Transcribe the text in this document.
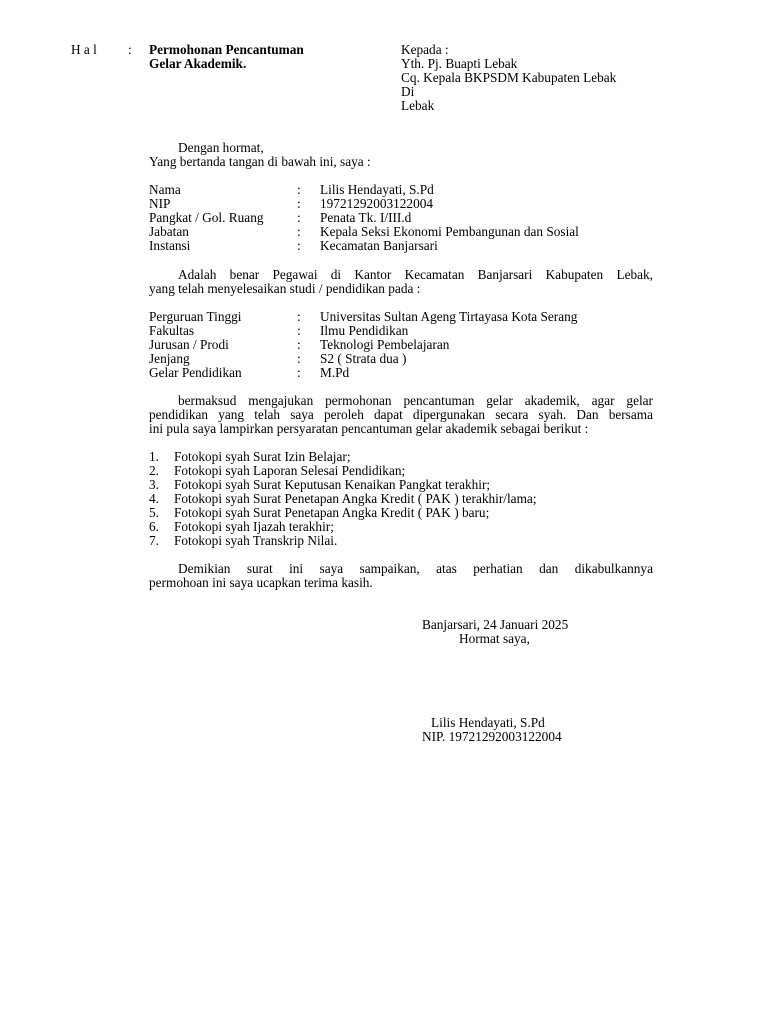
H a l : Permohonan Pencantuman
Gelar Akademik.
Kepada :
Yth. Pj. Buapti Lebak
Cq. Kepala BKPSDM Kabupaten Lebak
Di
Lebak
Dengan hormat,
Yang bertanda tangan di bawah ini, saya :
Nama	: Lilis Hendayati, S.Pd
NIP	: 19721292003122004
Pangkat / Gol. Ruang	: Penata Tk. I/III.d
Jabatan	: Kepala Seksi Ekonomi Pembangunan dan Sosial
Instansi	: Kecamatan Banjarsari
Adalah benar Pegawai di Kantor Kecamatan Banjarsari Kabupaten Lebak,
yang telah menyelesaikan studi / pendidikan pada :
Perguruan Tinggi	: Universitas Sultan Ageng Tirtayasa Kota Serang
Fakultas	: Ilmu Pendidikan
Jurusan / Prodi	: Teknologi Pembelajaran
Jenjang	: S2 ( Strata dua )
Gelar Pendidikan	: M.Pd
bermaksud mengajukan permohonan pencantuman gelar akademik, agar gelar
pendidikan yang telah saya peroleh dapat dipergunakan secara syah. Dan bersama
ini pula saya lampirkan persyaratan pencantuman gelar akademik sebagai berikut :
1. Fotokopi syah Surat Izin Belajar;
2. Fotokopi syah Laporan Selesai Pendidikan;
3. Fotokopi syah Surat Keputusan Kenaikan Pangkat terakhir;
4. Fotokopi syah Surat Penetapan Angka Kredit ( PAK ) terakhir/lama;
5. Fotokopi syah Surat Penetapan Angka Kredit ( PAK ) baru;
6. Fotokopi syah Ijazah terakhir;
7. Fotokopi syah Transkrip Nilai.
Demikian surat ini saya sampaikan, atas perhatian dan dikabulkannya
permohoan ini saya ucapkan terima kasih.
Banjarsari, 24 Januari 2025
Hormat saya,
Lilis Hendayati, S.Pd
NIP. 19721292003122004
